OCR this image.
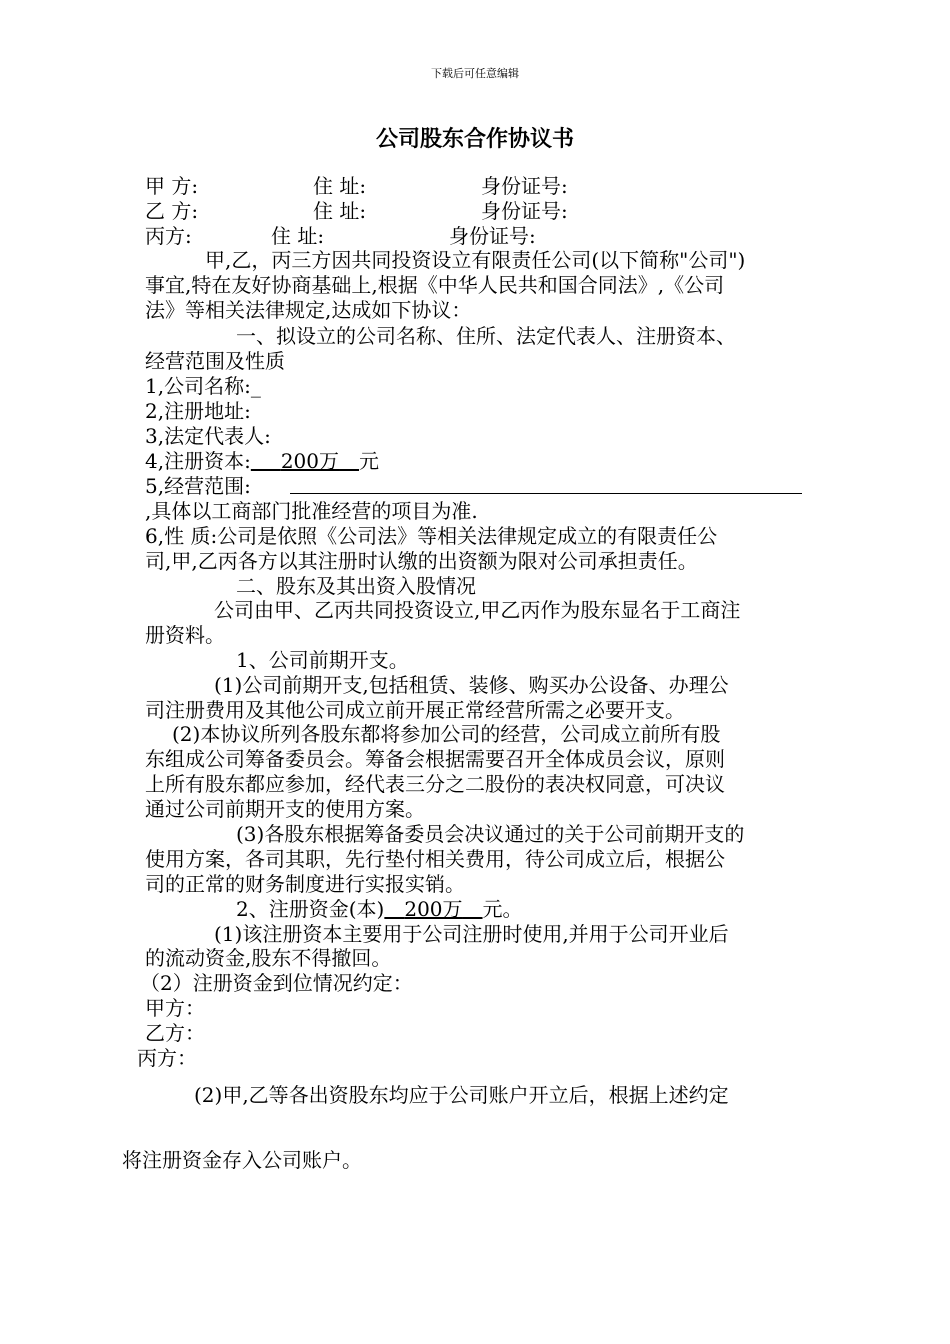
下载后可任意编辑
公司股东合作协议书
甲 方:	住 址:	身份证号:
乙 方:	住 址:	身份证号:
丙方:	住 址:	身份证号:
甲,乙，丙三方因共同投资设立有限责任公司(以下简称"公司")
事宜,特在友好协商基础上,根据《中华人民共和国合同法》,《公司
法》等相关法律规定,达成如下协议：
一、拟设立的公司名称、住所、法定代表人、注册资本、
经营范围及性质
1,公司名称:_
2,注册地址:
3,法定代表人:
4,注册资本:    200万   元
5,经营范围:
,具体以工商部门批准经营的项目为准.
6,性 质:公司是依照《公司法》等相关法律规定成立的有限责任公
司,甲,乙丙各方以其注册时认缴的出资额为限对公司承担责任。
二、股东及其出资入股情况
公司由甲、乙丙共同投资设立,甲乙丙作为股东显名于工商注
册资料。
1、公司前期开支。
(1)公司前期开支,包括租赁、装修、购买办公设备、办理公
司注册费用及其他公司成立前开展正常经营所需之必要开支。
(2)本协议所列各股东都将参加公司的经营，公司成立前所有股
东组成公司筹备委员会。筹备会根据需要召开全体成员会议，原则
上所有股东都应参加，经代表三分之二股份的表决权同意，可决议
通过公司前期开支的使用方案。
(3)各股东根据筹备委员会决议通过的关于公司前期开支的
使用方案，各司其职，先行垫付相关费用，待公司成立后，根据公
司的正常的财务制度进行实报实销。
2、注册资金(本)   200万   元。
(1)该注册资本主要用于公司注册时使用,并用于公司开业后
的流动资金,股东不得撤回。
（2）注册资金到位情况约定：
甲方：
乙方：
丙方：
(2)甲,乙等各出资股东均应于公司账户开立后，根据上述约定
将注册资金存入公司账户。
